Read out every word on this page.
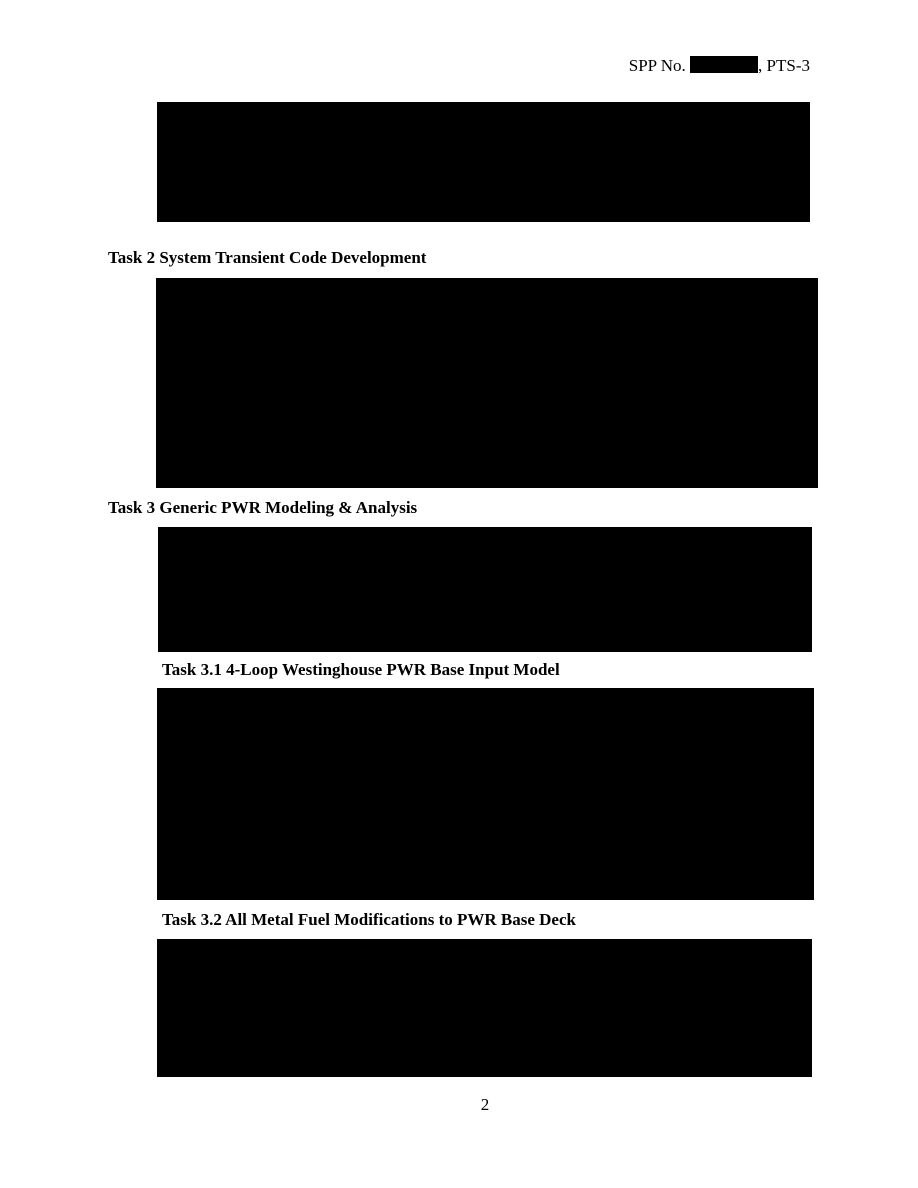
SPP No.	, PTS-3
Task 2 System Transient Code Development
Task 3 Generic PWR Modeling & Analysis
Task 3.1 4-Loop Westinghouse PWR Base Input Model
Task 3.2 All Metal Fuel Modifications to PWR Base Deck
2
